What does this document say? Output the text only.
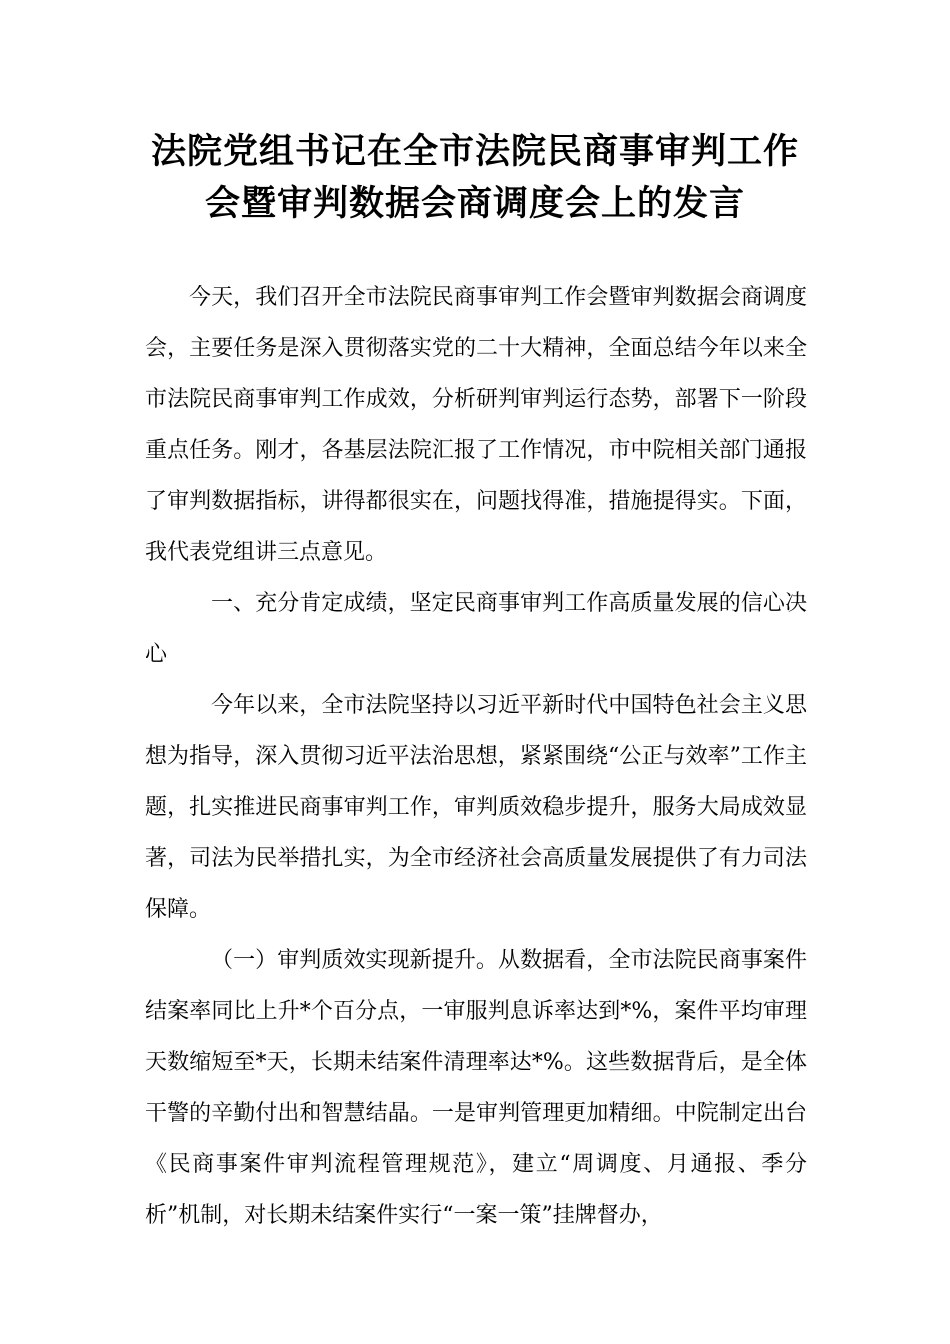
法院党组书记在全市法院民商事审判工作
会暨审判数据会商调度会上的发言

今天，我们召开全市法院民商事审判工作会暨审判数据会商调度会，主要任务是深入贯彻落实党的二十大精神，全面总结今年以来全市法院民商事审判工作成效，分析研判审判运行态势，部署下一阶段重点任务。刚才，各基层法院汇报了工作情况，市中院相关部门通报了审判数据指标，讲得都很实在，问题找得准，措施提得实。下面，我代表党组讲三点意见。

一、充分肯定成绩，坚定民商事审判工作高质量发展的信心决心

今年以来，全市法院坚持以习近平新时代中国特色社会主义思想为指导，深入贯彻习近平法治思想，紧紧围绕“公正与效率”工作主题，扎实推进民商事审判工作，审判质效稳步提升，服务大局成效显著，司法为民举措扎实，为全市经济社会高质量发展提供了有力司法保障。

（一）审判质效实现新提升。从数据看，全市法院民商事案件结案率同比上升*个百分点，一审服判息诉率达到*%，案件平均审理天数缩短至*天，长期未结案件清理率达*%。这些数据背后，是全体干警的辛勤付出和智慧结晶。一是审判管理更加精细。中院制定出台《民商事案件审判流程管理规范》，建立“周调度、月通报、季分析”机制，对长期未结案件实行“一案一策”挂牌督办，
